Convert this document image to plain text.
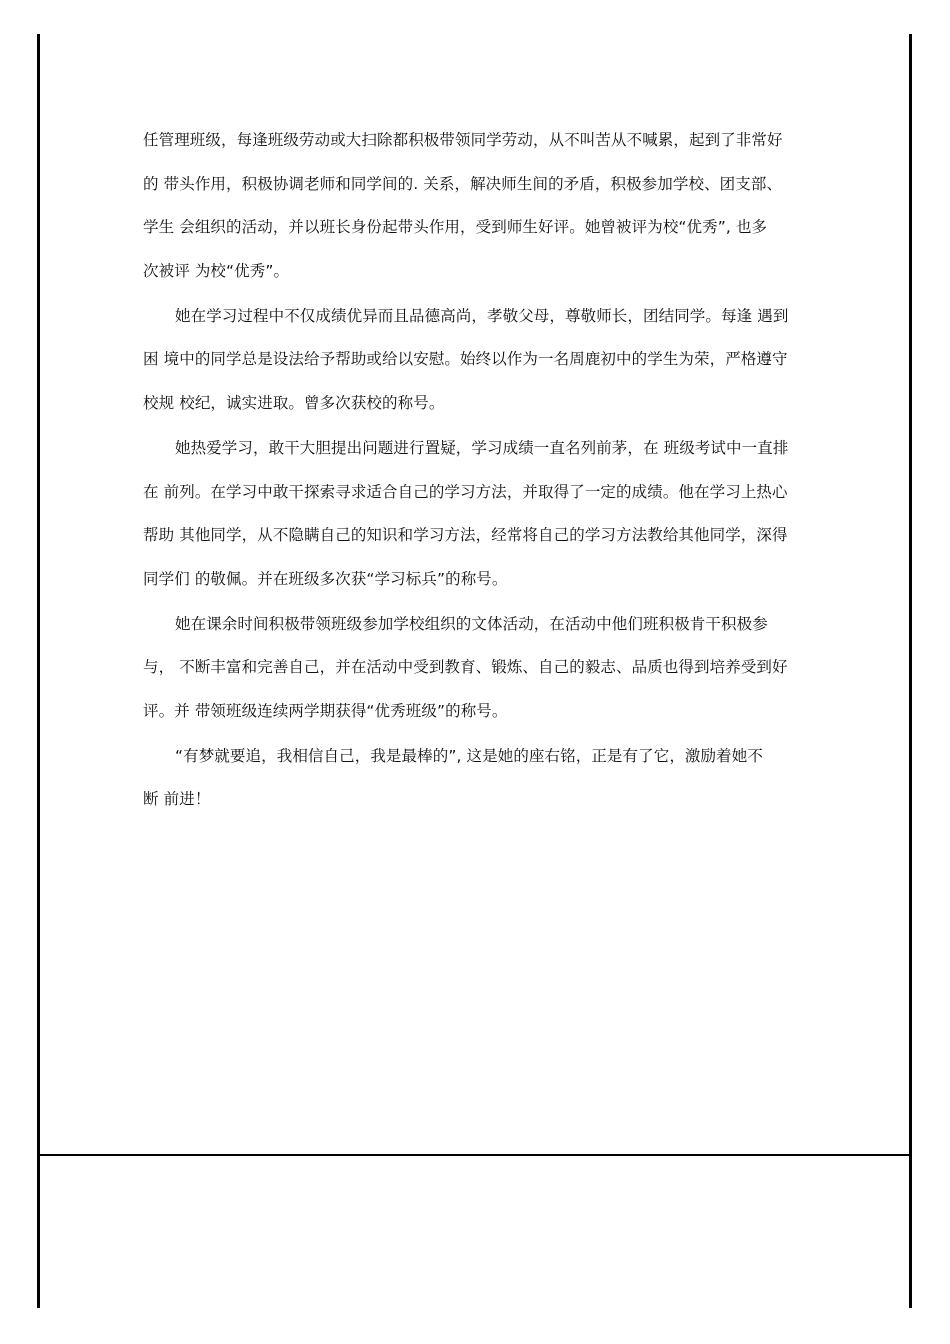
任管理班级，每逢班级劳动或大扫除都积极带领同学劳动，从不叫苦从不喊累，起到了非常好
的 带头作用，积极协调老师和同学间的. 关系，解决师生间的矛盾，积极参加学校、团支部、
学生 会组织的活动，并以班长身份起带头作用，受到师生好评。她曾被评为校“优秀”, 也多
次被评 为校“优秀”。
她在学习过程中不仅成绩优异而且品德高尚，孝敬父母，尊敬师长，团结同学。每逢 遇到
困 境中的同学总是设法给予帮助或给以安慰。始终以作为一名周鹿初中的学生为荣，严格遵守
校规 校纪，诚实进取。曾多次获校的称号。
她热爱学习，敢干大胆提出问题进行置疑，学习成绩一直名列前茅，在 班级考试中一直排
在 前列。在学习中敢干探索寻求适合自己的学习方法，并取得了一定的成绩。他在学习上热心
帮助 其他同学，从不隐瞒自己的知识和学习方法，经常将自己的学习方法教给其他同学，深得
同学们 的敬佩。并在班级多次获“学习标兵”的称号。
她在课余时间积极带领班级参加学校组织的文体活动，在活动中他们班积极肯干积极参
与， 不断丰富和完善自己，并在活动中受到教育、锻炼、自己的毅志、品质也得到培养受到好
评。并 带领班级连续两学期获得“优秀班级”的称号。
“有梦就要追，我相信自己，我是最棒的”, 这是她的座右铭，正是有了它，激励着她不
断 前进！
